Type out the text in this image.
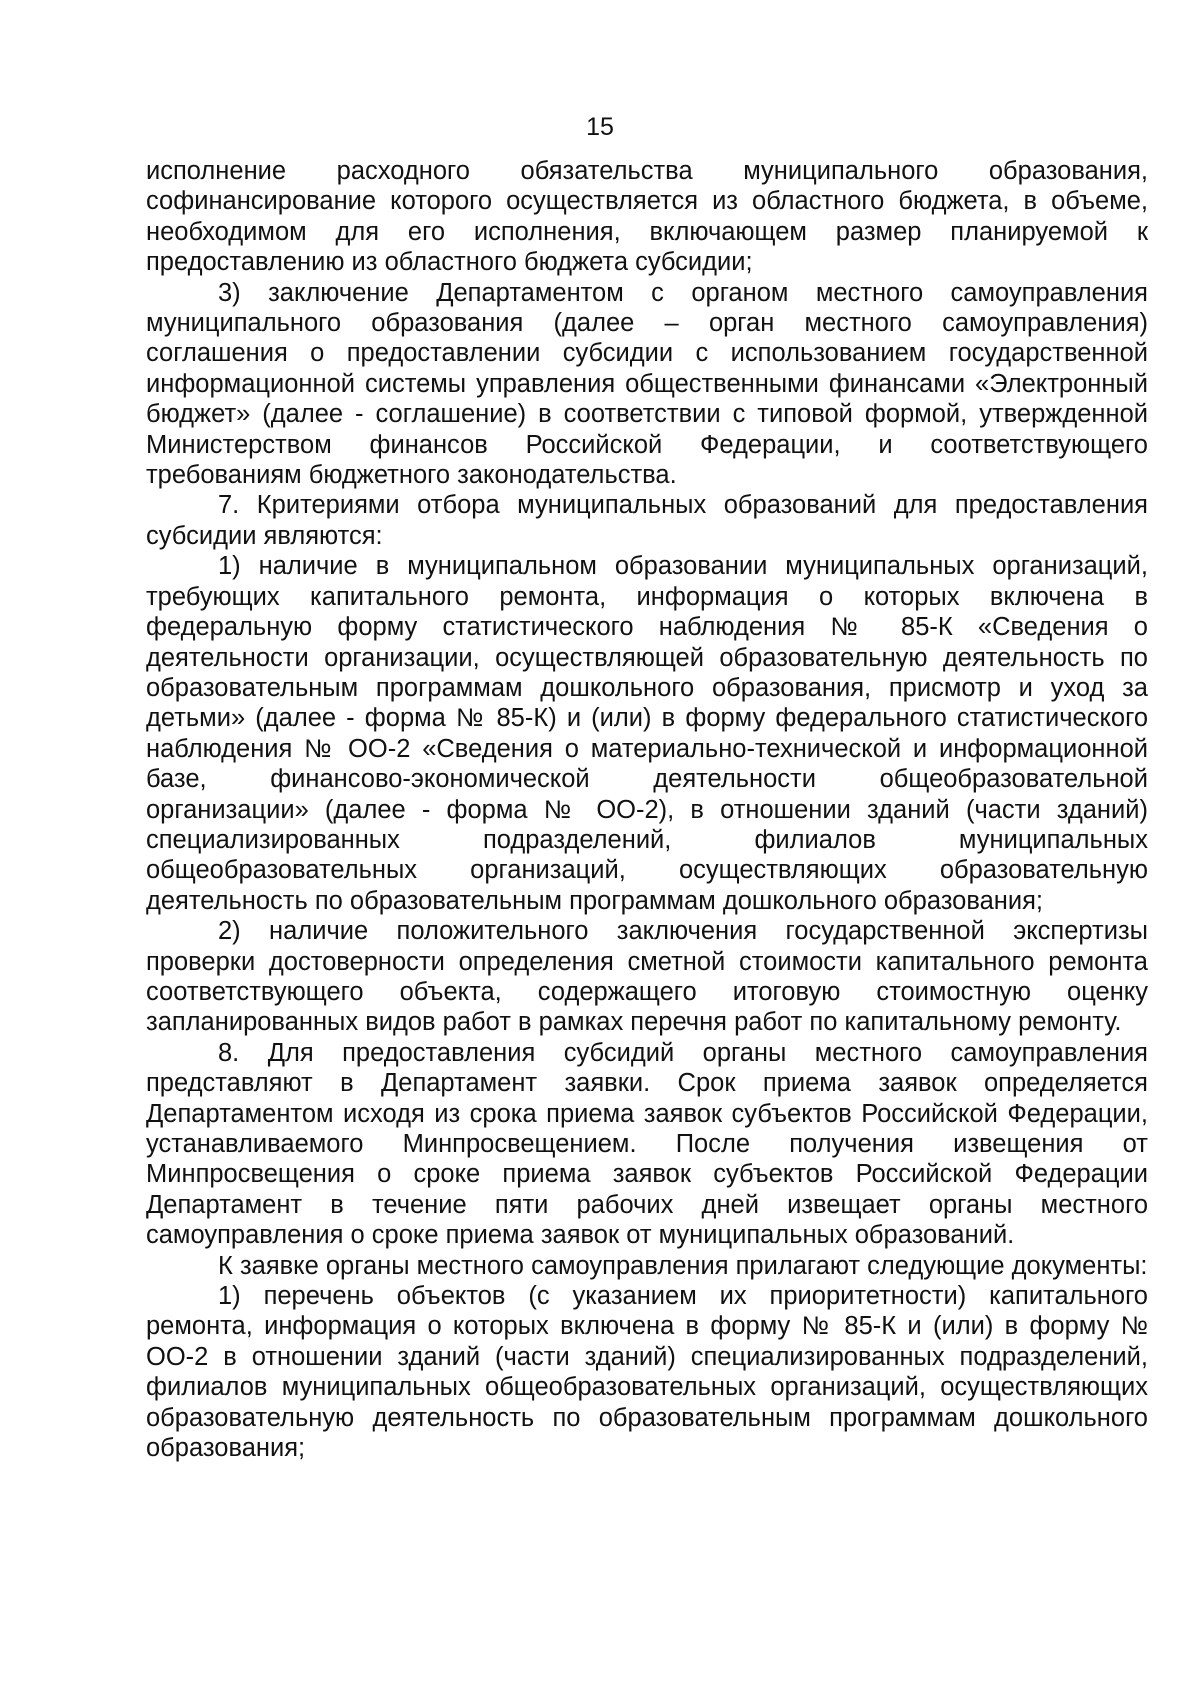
15

исполнение расходного обязательства муниципального образования, софинансирование которого осуществляется из областного бюджета, в объеме, необходимом для его исполнения, включающем размер планируемой к предоставлению из областного бюджета субсидии;

3) заключение Департаментом с органом местного самоуправления муниципального образования (далее – орган местного самоуправления) соглашения о предоставлении субсидии с использованием государственной информационной системы управления общественными финансами «Электронный бюджет» (далее - соглашение) в соответствии с типовой формой, утвержденной Министерством финансов Российской Федерации, и соответствующего требованиям бюджетного законодательства.

7. Критериями отбора муниципальных образований для предоставления субсидии являются:

1) наличие в муниципальном образовании муниципальных организаций, требующих капитального ремонта, информация о которых включена в федеральную форму статистического наблюдения № 85-К «Сведения о деятельности организации, осуществляющей образовательную деятельность по образовательным программам дошкольного образования, присмотр и уход за детьми» (далее - форма № 85-К) и (или) в форму федерального статистического наблюдения № ОО-2 «Сведения о материально-технической и информационной базе, финансово-экономической деятельности общеобразовательной организации» (далее - форма № ОО-2), в отношении зданий (части зданий) специализированных подразделений, филиалов муниципальных общеобразовательных организаций, осуществляющих образовательную деятельность по образовательным программам дошкольного образования;

2) наличие положительного заключения государственной экспертизы проверки достоверности определения сметной стоимости капитального ремонта соответствующего объекта, содержащего итоговую стоимостную оценку запланированных видов работ в рамках перечня работ по капитальному ремонту.

8. Для предоставления субсидий органы местного самоуправления представляют в Департамент заявки. Срок приема заявок определяется Департаментом исходя из срока приема заявок субъектов Российской Федерации, устанавливаемого Минпросвещением. После получения извещения от Минпросвещения о сроке приема заявок субъектов Российской Федерации Департамент в течение пяти рабочих дней извещает органы местного самоуправления о сроке приема заявок от муниципальных образований.

К заявке органы местного самоуправления прилагают следующие документы:

1) перечень объектов (с указанием их приоритетности) капитального ремонта, информация о которых включена в форму № 85-К и (или) в форму № ОО-2 в отношении зданий (части зданий) специализированных подразделений, филиалов муниципальных общеобразовательных организаций, осуществляющих образовательную деятельность по образовательным программам дошкольного образования;
